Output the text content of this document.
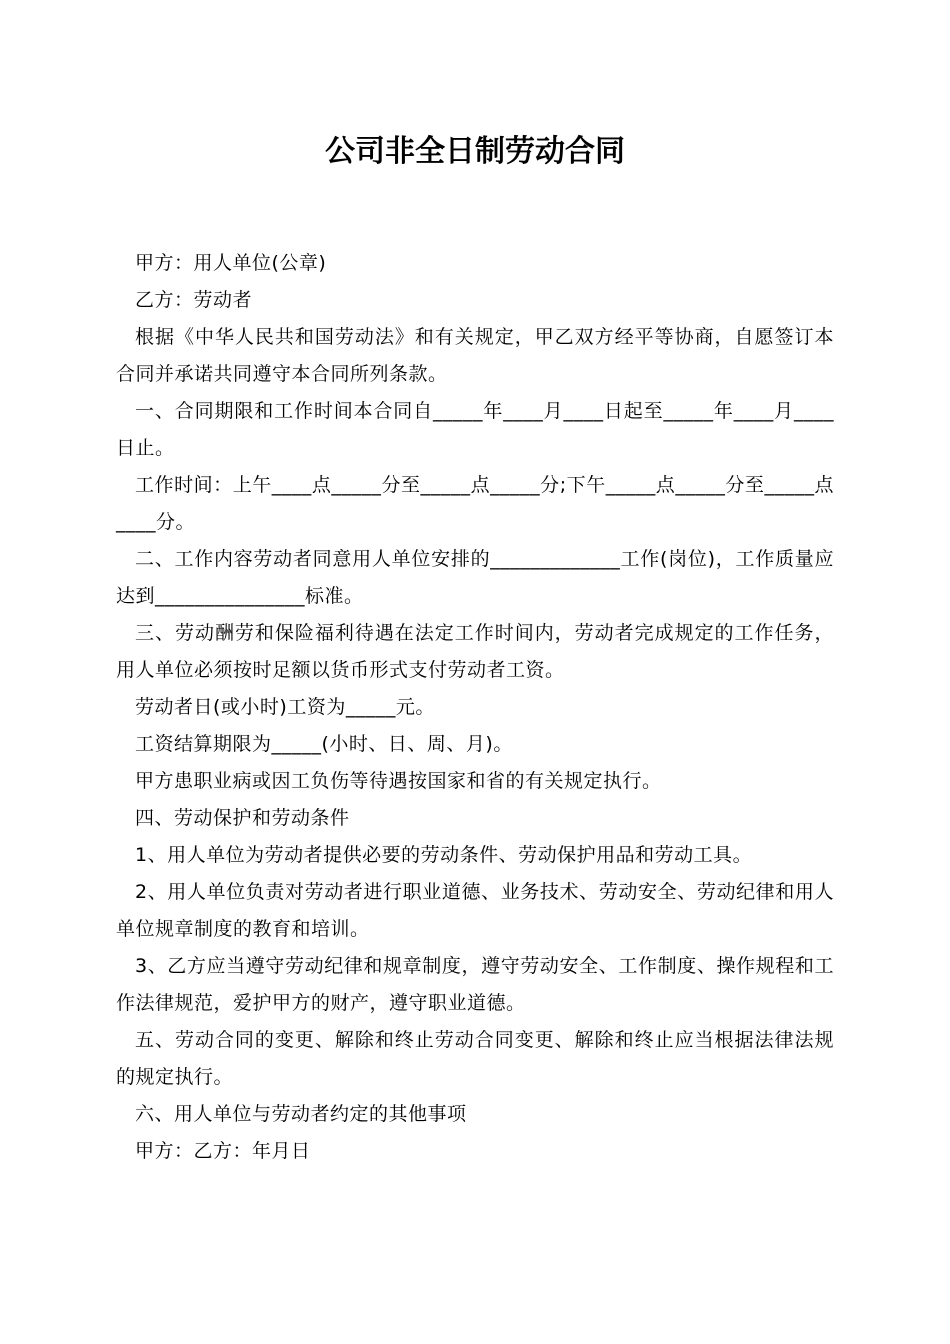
公司非全日制劳动合同

甲方：用人单位(公章)

乙方：劳动者

根据《中华人民共和国劳动法》和有关规定，甲乙双方经平等协商，自愿签订本合同并承诺共同遵守本合同所列条款。

一、合同期限和工作时间本合同自_____年____月____日起至_____年____月____日止。

工作时间：上午____点_____分至_____点_____分;下午_____点_____分至_____点____分。

二、工作内容劳动者同意用人单位安排的_____________工作(岗位)，工作质量应达到_______________标准。

三、劳动酬劳和保险福利待遇在法定工作时间内，劳动者完成规定的工作任务，用人单位必须按时足额以货币形式支付劳动者工资。

劳动者日(或小时)工资为_____元。

工资结算期限为_____(小时、日、周、月)。

甲方患职业病或因工负伤等待遇按国家和省的有关规定执行。

四、劳动保护和劳动条件

1、用人单位为劳动者提供必要的劳动条件、劳动保护用品和劳动工具。

2、用人单位负责对劳动者进行职业道德、业务技术、劳动安全、劳动纪律和用人单位规章制度的教育和培训。

3、乙方应当遵守劳动纪律和规章制度，遵守劳动安全、工作制度、操作规程和工作法律规范，爱护甲方的财产，遵守职业道德。

五、劳动合同的变更、解除和终止劳动合同变更、解除和终止应当根据法律法规的规定执行。

六、用人单位与劳动者约定的其他事项

甲方：乙方：年月日
